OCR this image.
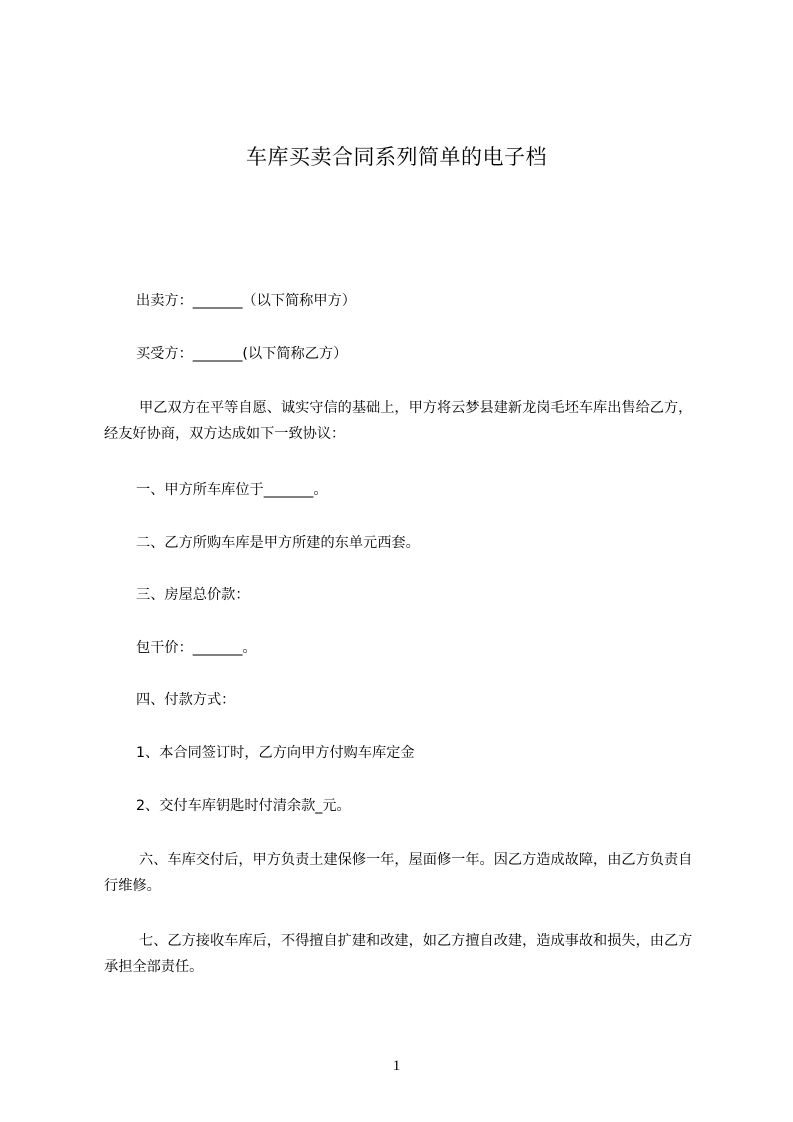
车库买卖合同系列简单的电子档

出卖方：_______（以下简称甲方）

买受方：_______(以下简称乙方）

甲乙双方在平等自愿、诚实守信的基础上，甲方将云梦县建新龙岗毛坯车库出售给乙方，经友好协商，双方达成如下一致协议：

一、甲方所车库位于_______。

二、乙方所购车库是甲方所建的东单元西套。

三、房屋总价款：

包干价：_______。

四、付款方式：

1、本合同签订时，乙方向甲方付购车库定金

2、交付车库钥匙时付清余款_元。

六、车库交付后，甲方负责土建保修一年，屋面修一年。因乙方造成故障，由乙方负责自行维修。

七、乙方接收车库后，不得擅自扩建和改建，如乙方擅自改建，造成事故和损失，由乙方承担全部责任。

1
